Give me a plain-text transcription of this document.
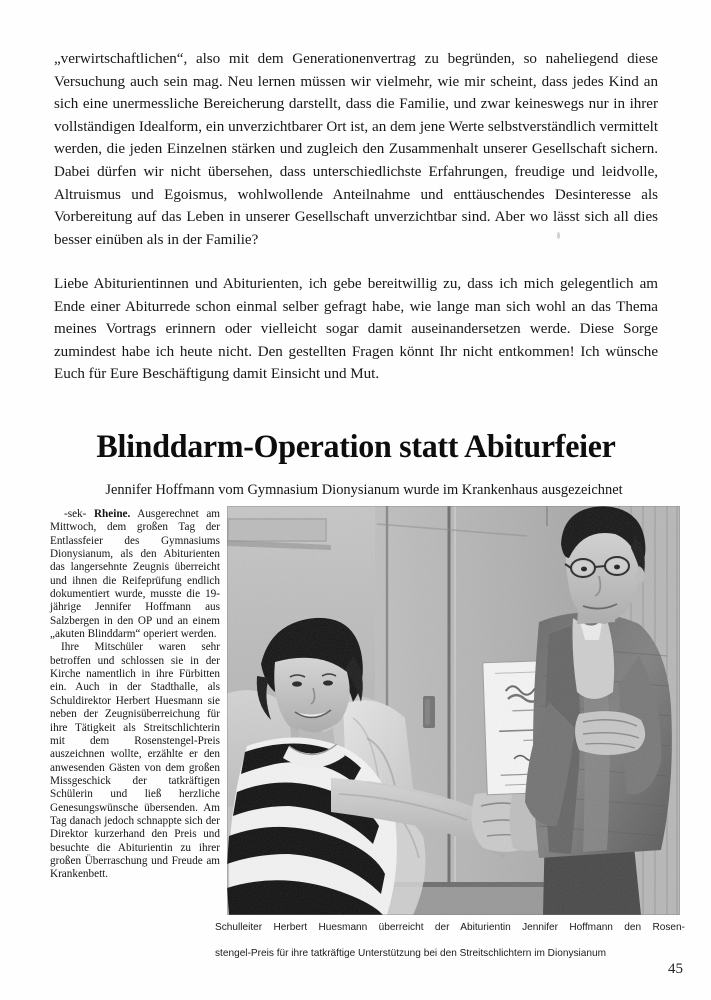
„verwirtschaftlichen“, also mit dem Generationenvertrag zu begründen, so naheliegend diese Versuchung auch sein mag. Neu lernen müssen wir vielmehr, wie mir scheint, dass jedes Kind an sich eine unermessliche Bereicherung darstellt, dass die Familie, und zwar keineswegs nur in ihrer vollständigen Idealform, ein unverzichtbarer Ort ist, an dem jene Werte selbstverständlich vermittelt werden, die jeden Einzelnen stärken und zugleich den Zusammenhalt unserer Gesellschaft sichern. Dabei dürfen wir nicht übersehen, dass unterschiedlichste Erfahrungen, freudige und leidvolle, Altruismus und Egoismus, wohlwollende Anteilnahme und enttäuschendes Desinteresse als Vorbereitung auf das Leben in unserer Gesellschaft unverzichtbar sind. Aber wo lässt sich all dies besser einüben als in der Familie?

Liebe Abiturientinnen und Abiturienten, ich gebe bereitwillig zu, dass ich mich gelegentlich am Ende einer Abiturrede schon einmal selber gefragt habe, wie lange man sich wohl an das Thema meines Vortrags erinnern oder vielleicht sogar damit auseinandersetzen werde. Diese Sorge zumindest habe ich heute nicht. Den gestellten Fragen könnt Ihr nicht entkommen! Ich wünsche Euch für Eure Beschäftigung damit Einsicht und Mut.

Blinddarm-Operation statt Abiturfeier
Jennifer Hoffmann vom Gymnasium Dionysianum wurde im Krankenhaus ausgezeichnet

-sek- Rheine. Ausgerechnet am Mittwoch, dem großen Tag der Entlassfeier des Gymnasiums Dionysianum, als den Abiturienten das langersehnte Zeugnis überreicht und ihnen die Reifeprüfung endlich dokumentiert wurde, musste die 19-jährige Jennifer Hoffmann aus Salzbergen in den OP und an einem „akuten Blinddarm“ operiert werden.

Ihre Mitschüler waren sehr betroffen und schlossen sie in der Kirche namentlich in ihre Fürbitten ein. Auch in der Stadthalle, als Schuldirektor Herbert Huesmann sie neben der Zeugnisüberreichung für ihre Tätigkeit als Streitschlichterin mit dem Rosenstengel-Preis auszeichnen wollte, erzählte er den anwesenden Gästen von dem großen Missgeschick der tatkräftigen Schülerin und ließ herzliche Genesungswünsche übersenden. Am Tag danach jedoch schnappte sich der Direktor kurzerhand den Preis und besuchte die Abiturientin zu ihrer großen Überraschung und Freude am Krankenbett.

Schulleiter Herbert Huesmann überreicht der Abiturientin Jennifer Hoffmann den Rosen-
stengel-Preis für ihre tatkräftige Unterstützung bei den Streitschlichtern im Dionysianum
45
